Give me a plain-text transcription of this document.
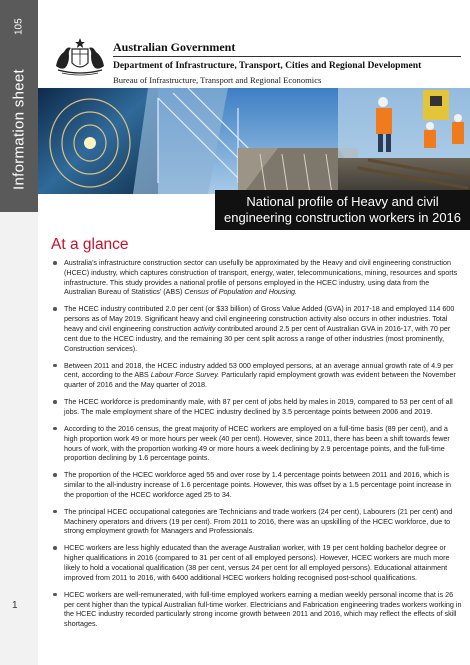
105
Information sheet
1
Australian Government
Department of Infrastructure, Transport, Cities and Regional Development
Bureau of Infrastructure, Transport and Regional Economics
National profile of Heavy and civil
engineering construction workers in 2016
At a glance
Australia’s infrastructure construction sector can usefully be approximated by the Heavy and civil engineering construction (HCEC) industry, which captures construction of transport, energy, water, telecommunications, mining, resources and sports infrastructure. This study provides a national profile of persons employed in the HCEC industry, using data from the Australian Bureau of Statistics’ (ABS) Census of Population and Housing.
The HCEC industry contributed 2.0 per cent (or $33 billion) of Gross Value Added (GVA) in 2017-18 and employed 114 600 persons as of May 2019. Significant heavy and civil engineering construction activity also occurs in other industries. Total heavy and civil engineering construction activity contributed around 2.5 per cent of Australian GVA in 2016-17, with 70 per cent due to the HCEC industry, and the remaining 30 per cent split across a range of other industries (most prominently, Construction services).
Between 2011 and 2018, the HCEC industry added 53 000 employed persons, at an average annual growth rate of 4.9 per cent, according to the ABS Labour Force Survey. Particularly rapid employment growth was evident between the November quarter of 2016 and the May quarter of 2018.
The HCEC workforce is predominantly male, with 87 per cent of jobs held by males in 2019, compared to 53 per cent of all jobs. The male employment share of the HCEC industry declined by 3.5 percentage points between 2006 and 2019.
According to the 2016 census, the great majority of HCEC workers are employed on a full-time basis (89 per cent), and a high proportion work 49 or more hours per week (40 per cent). However, since 2011, there has been a shift towards fewer hours of work, with the proportion working 49 or more hours a week declining by 2.9 percentage points, and the full-time proportion declining by 1.6 percentage points.
The proportion of the HCEC workforce aged 55 and over rose by 1.4 percentage points between 2011 and 2016, which is similar to the all-industry increase of 1.6 percentage points. However, this was offset by a 1.5 percentage point increase in the proportion of the HCEC workforce aged 25 to 34.
The principal HCEC occupational categories are Technicians and trade workers (24 per cent), Labourers (21 per cent) and Machinery operators and drivers (19 per cent). From 2011 to 2016, there was an upskilling of the HCEC workforce, due to strong employment growth for Managers and Professionals.
HCEC workers are less highly educated than the average Australian worker, with 19 per cent holding bachelor degree or higher qualifications in 2016 (compared to 31 per cent of all employed persons). However, HCEC workers are much more likely to hold a vocational qualification (38 per cent, versus 24 per cent for all employed persons). Educational attainment improved from 2011 to 2016, with 6400 additional HCEC workers holding recognised post-school qualifications.
HCEC workers are well-remunerated, with full-time employed workers earning a median weekly personal income that is 26 per cent higher than the typical Australian full-time worker. Electricians and Fabrication engineering trades workers working in the HCEC industry recorded particularly strong income growth between 2011 and 2016, which may reflect the effects of skill shortages.
